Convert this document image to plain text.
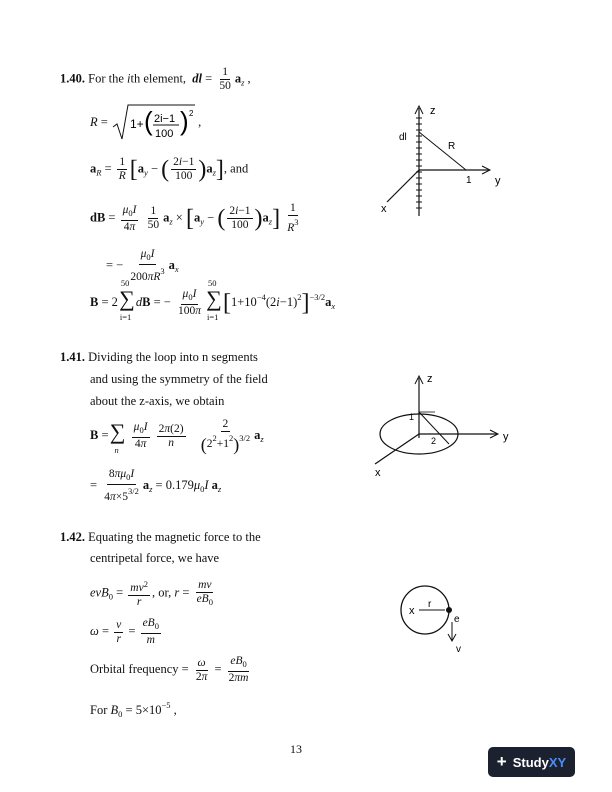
1.40. For the ith element,  dl = $\frac{1}{50} a_z$ ,
R = 1+ ( 2i−1
100 ) 2
,
$a_R = \frac{1}{R} [a_y$ − ( $\frac{2i-1}{100} )a_z$], and
dB = $\frac{\mu_0I}{4\pi}$
$\frac{1}{50} a_z \times [a_y$ − ( $\frac{2i-1}{100} )a_z] \frac{1}{R^3}$
= − $\frac{\mu_0I}{200\pi R^3} a_x$
B = 2
50
∑
i=1
dB = − $\frac{\mu_0I}{100\pi}$
50
∑
i=1
$[1+10^{-4}(2i-1)^2]^{-3/2}a_x$
z
dl
R
1 y
x
1.41. Dividing the loop into n segments
and using the symmetry of the field
about the z-axis, we obtain
B =∑
n
$\frac{\mu_0I}{4\pi}$
$\frac{2\pi(2)}{n}$
$\frac{2}{(2^2+1^2)^{3/2}} a_z$
= $\frac{8\pi\mu_0I}{4\pi\times 5^{3/2}} a_z = 0.179\mu_0I$ $a_z$
z
1
2	y
x
1.42. Equating the magnetic force to the
centripetal force, we have
$evB_0 = \frac{mv^2}{r}$ , or, $r = \frac{mv}{eB_0}$
$\omega = \frac{v}{r} = \frac{eB_0}{m}$
Orbital frequency = $\frac{\omega}{2\pi} = \frac{eB_0}{2\pi m}$
For $B_0 = 5\times 10^{-5}$ ,
x
r
e
v
13
+ StudyXY
